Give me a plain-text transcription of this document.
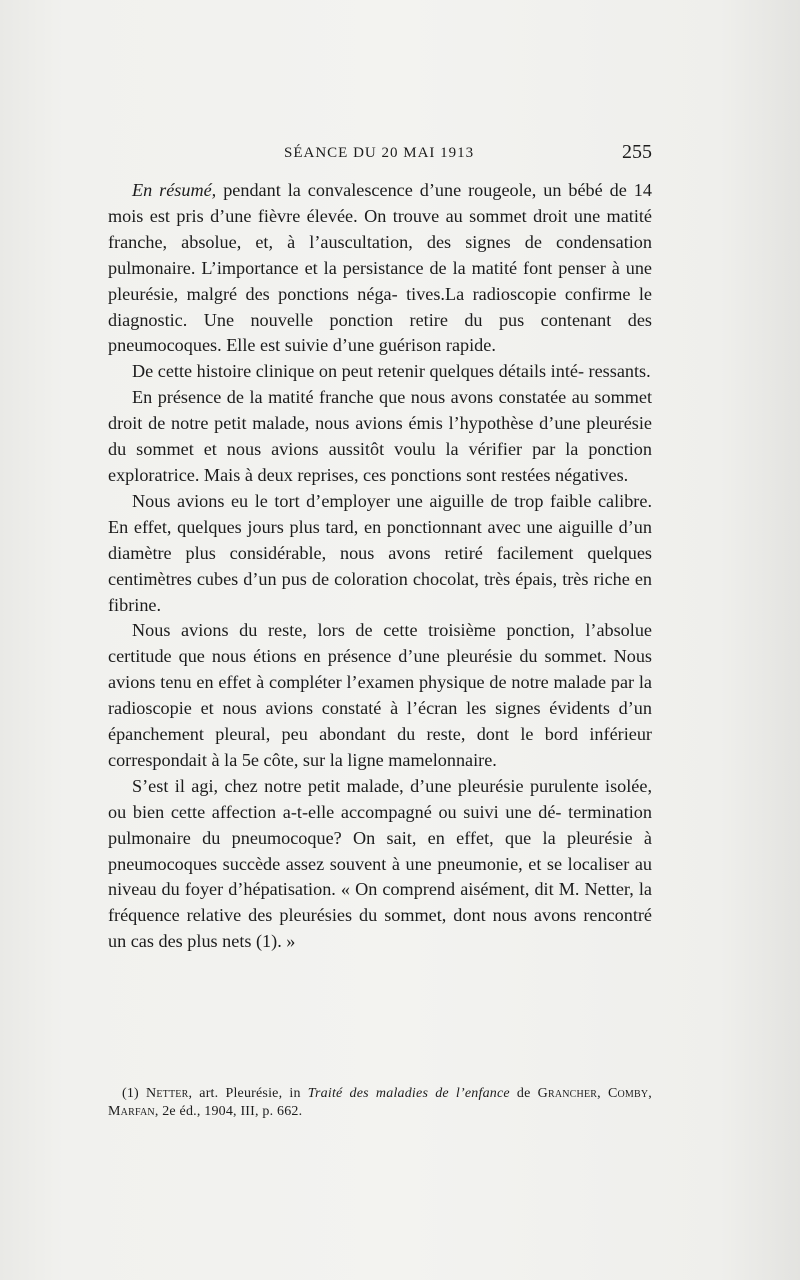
SÉANCE DU 20 MAI 1913	255

En résumé, pendant la convalescence d’une rougeole, un bébé de 14 mois est pris d’une fièvre élevée. On trouve au sommet droit une matité franche, absolue, et, à l’auscultation, des signes de condensation pulmonaire. L’importance et la persistance de la matité font penser à une pleurésie, malgré des ponctions néga- tives.La radioscopie confirme le diagnostic. Une nouvelle ponction retire du pus contenant des pneumocoques. Elle est suivie d’une guérison rapide.

De cette histoire clinique on peut retenir quelques détails inté- ressants.

En présence de la matité franche que nous avons constatée au sommet droit de notre petit malade, nous avions émis l’hypothèse d’une pleurésie du sommet et nous avions aussitôt voulu la vérifier par la ponction exploratrice. Mais à deux reprises, ces ponctions sont restées négatives.

Nous avions eu le tort d’employer une aiguille de trop faible calibre. En effet, quelques jours plus tard, en ponctionnant avec une aiguille d’un diamètre plus considérable, nous avons retiré facilement quelques centimètres cubes d’un pus de coloration chocolat, très épais, très riche en fibrine.

Nous avions du reste, lors de cette troisième ponction, l’absolue certitude que nous étions en présence d’une pleurésie du sommet. Nous avions tenu en effet à compléter l’examen physique de notre malade par la radioscopie et nous avions constaté à l’écran les signes évidents d’un épanchement pleural, peu abondant du reste, dont le bord inférieur correspondait à la 5e côte, sur la ligne mamelonnaire.

S’est il agi, chez notre petit malade, d’une pleurésie purulente isolée, ou bien cette affection a-t-elle accompagné ou suivi une dé- termination pulmonaire du pneumocoque? On sait, en effet, que la pleurésie à pneumocoques succède assez souvent à une pneumonie, et se localiser au niveau du foyer d’hépatisation. « On comprend aisément, dit M. Netter, la fréquence relative des pleurésies du sommet, dont nous avons rencontré un cas des plus nets (1). »

(1) Netter, art. Pleurésie, in Traité des maladies de l’enfance de Grancher, Comby, Marfan, 2e éd., 1904, III, p. 662.
